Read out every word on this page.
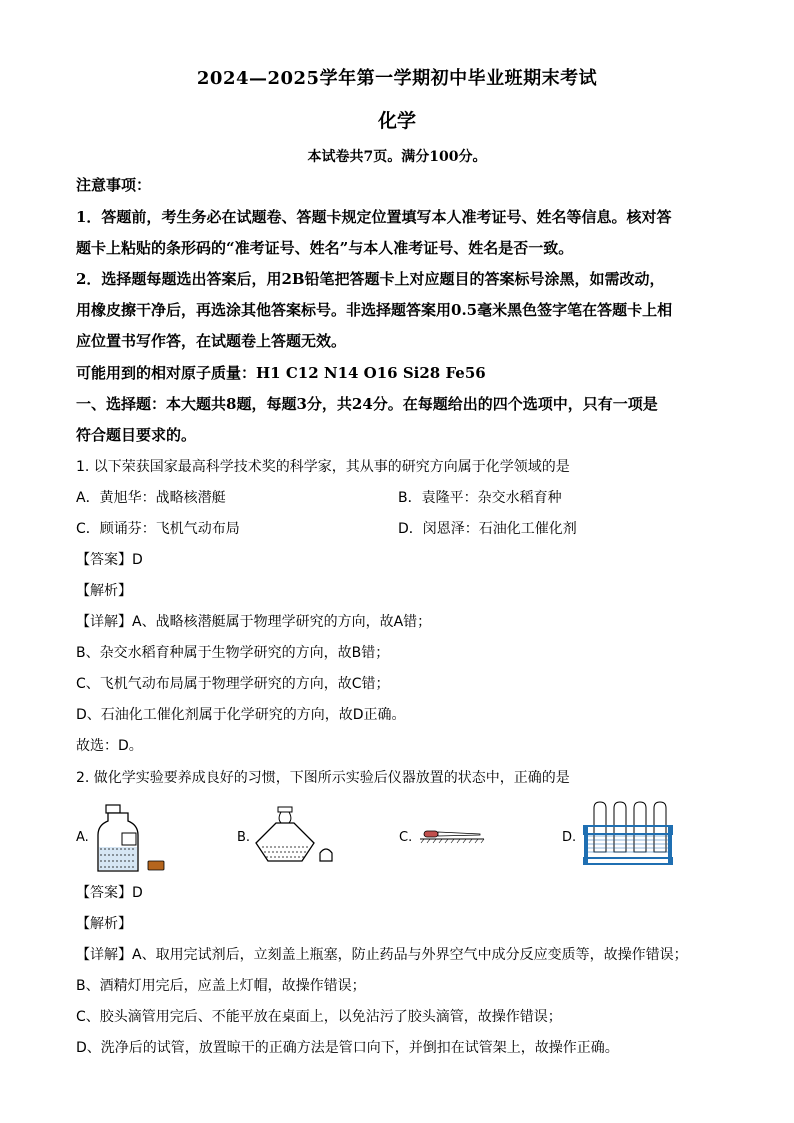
2024—2025学年第一学期初中毕业班期末考试
化学
本试卷共7页。满分100分。
注意事项：
1．答题前，考生务必在试题卷、答题卡规定位置填写本人准考证号、姓名等信息。核对答
题卡上粘贴的条形码的“准考证号、姓名”与本人准考证号、姓名是否一致。
2．选择题每题选出答案后，用2B铅笔把答题卡上对应题目的答案标号涂黑，如需改动，
用橡皮擦干净后，再选涂其他答案标号。非选择题答案用0.5毫米黑色签字笔在答题卡上相
应位置书写作答，在试题卷上答题无效。
可能用到的相对原子质量：H1 C12 N14 O16 Si28 Fe56
一、选择题：本大题共8题，每题3分，共24分。在每题给出的四个选项中，只有一项是
符合题目要求的。
1. 以下荣获国家最高科学技术奖的科学家，其从事的研究方向属于化学领域的是
A．黄旭华：战略核潜艇	B．袁隆平：杂交水稻育种
C．顾诵芬：飞机气动布局	D．闵恩泽：石油化工催化剂
【答案】D
【解析】
【详解】A、战略核潜艇属于物理学研究的方向，故A错；
B、杂交水稻育种属于生物学研究的方向，故B错；
C、飞机气动布局属于物理学研究的方向，故C错；
D、石油化工催化剂属于化学研究的方向，故D正确。
故选：D。
2. 做化学实验要养成良好的习惯，下图所示实验后仪器放置的状态中，正确的是
A.	B.	C.	D.
【答案】D
【解析】
【详解】A、取用完试剂后，立刻盖上瓶塞，防止药品与外界空气中成分反应变质等，故操作错误；
B、酒精灯用完后，应盖上灯帽，故操作错误；
C、胶头滴管用完后、不能平放在桌面上，以免沾污了胶头滴管，故操作错误；
D、洗净后的试管，放置晾干的正确方法是管口向下，并倒扣在试管架上，故操作正确。
